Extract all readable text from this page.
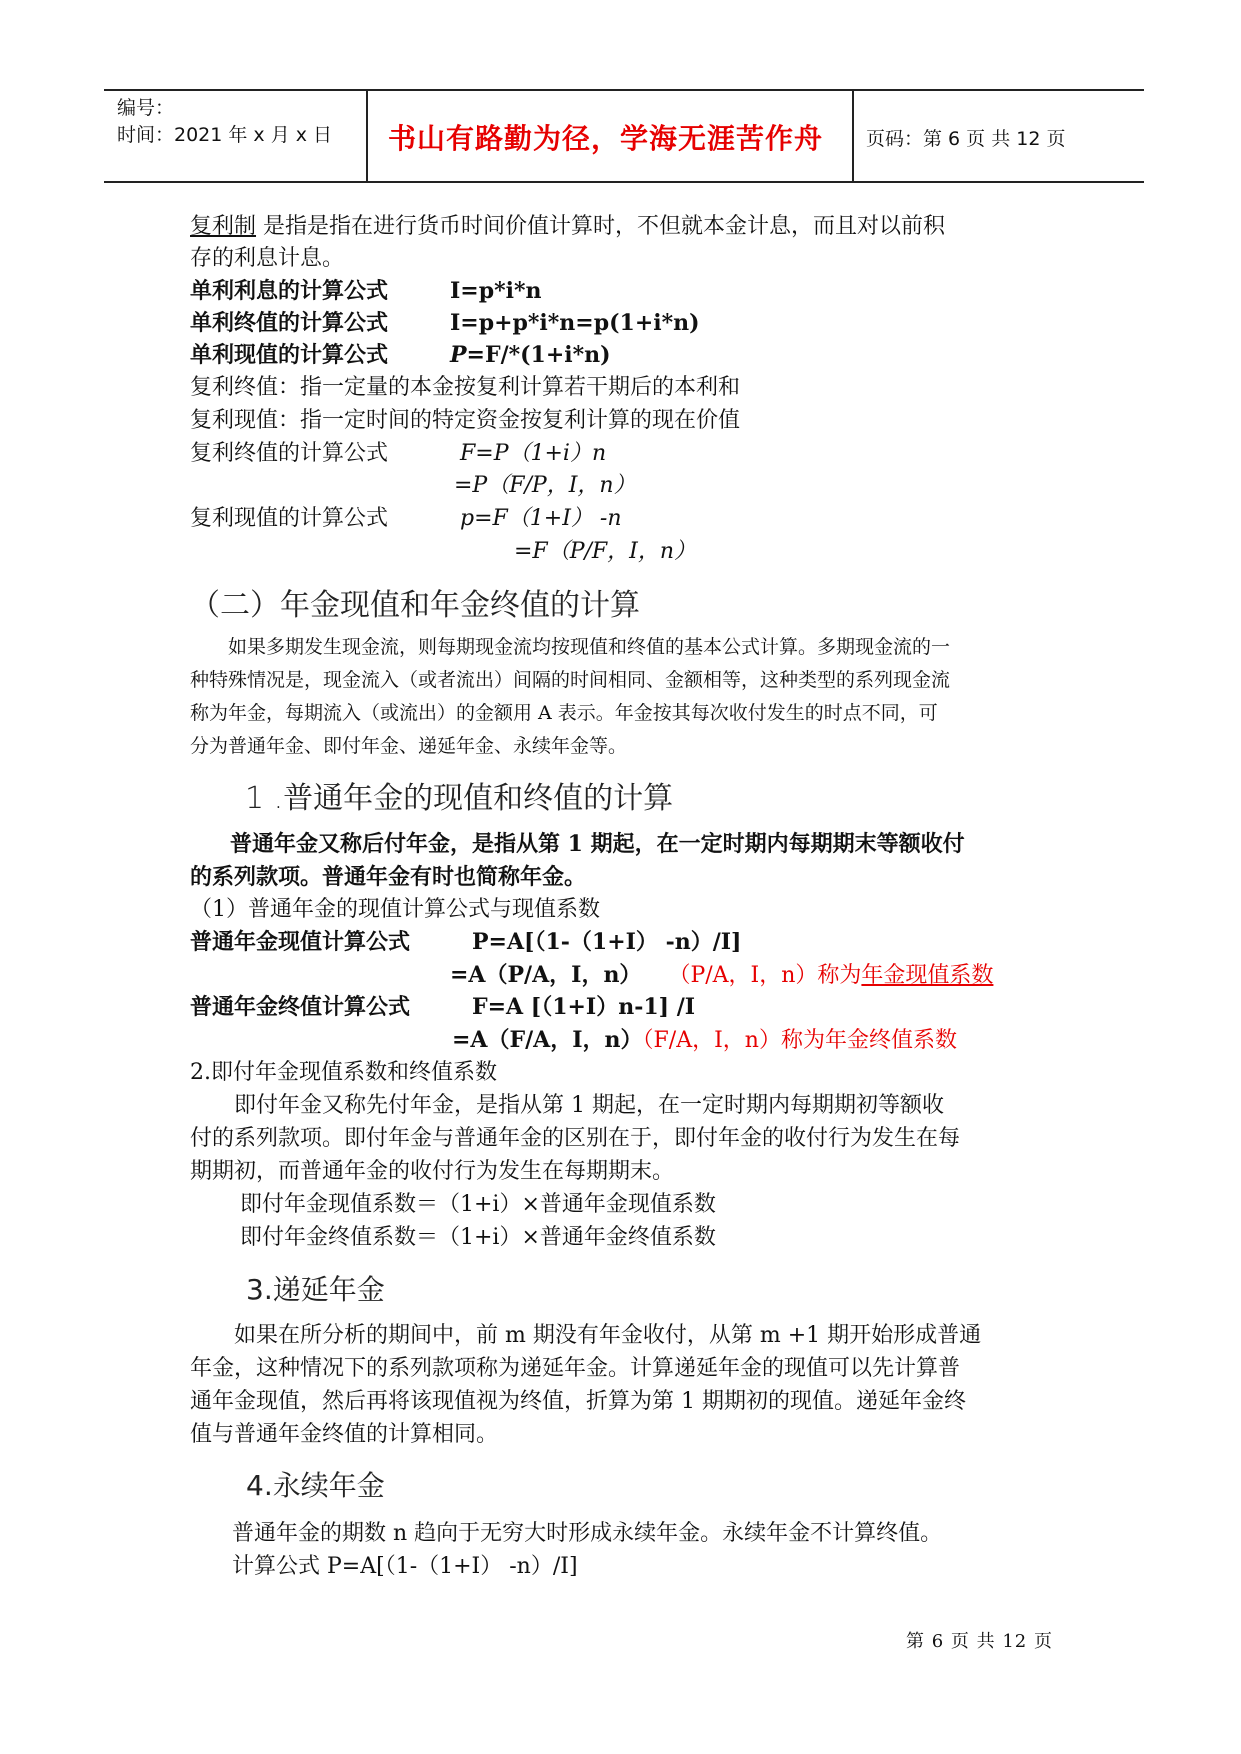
编号：
时间：2021 年 x 月 x 日 书山有路勤为径，学海无涯苦作舟 页码：第 6 页 共 12 页
复利制 是指是指在进行货币时间价值计算时，不但就本金计息，而且对以前积
存的利息计息。
单利利息的计算公式	I=p*i*n
单利终值的计算公式	I=p+p*i*n=p(1+i*n)
单利现值的计算公式	P=F/*(1+i*n)
复利终值：指一定量的本金按复利计算若干期后的本利和
复利现值：指一定时间的特定资金按复利计算的现在价值
复利终值的计算公式	F=P（1+i）n
=P（F/P，I，n）
复利现值的计算公式	p=F（1+I） -n
=F（P/F，I，n）
（二）年金现值和年金终值的计算

如果多期发生现金流，则每期现金流均按现值和终值的基本公式计算。多期现金流的一

种特殊情况是，现金流入（或者流出）间隔的时间相同、金额相等，这种类型的系列现金流

称为年金，每期流入（或流出）的金额用 A 表示。年金按其每次收付发生的时点不同，可

分为普通年金、即付年金、递延年金、永续年金等。

1 .普通年金的现值和终值的计算
普通年金又称后付年金，是指从第 1 期起，在一定时期内每期期末等额收付
的系列款项。普通年金有时也简称年金。
（1）普通年金的现值计算公式与现值系数
普通年金现值计算公式	P=A[（1-（1+I） -n）/I]
=A（P/A，I，n） （P/A，I，n）称为年金现值系数
普通年金终值计算公式	F=A [（1+I）n-1] /I
=A（F/A，I，n）（F/A，I，n）称为年金终值系数
2.即付年金现值系数和终值系数

即付年金又称先付年金，是指从第 1 期起，在一定时期内每期期初等额收

付的系列款项。即付年金与普通年金的区别在于，即付年金的收付行为发生在每

期期初，而普通年金的收付行为发生在每期期末。

即付年金现值系数＝（1+i）×普通年金现值系数
即付年金终值系数＝（1+i）×普通年金终值系数
3.递延年金

如果在所分析的期间中，前 m 期没有年金收付，从第 m +1 期开始形成普通

年金，这种情况下的系列款项称为递延年金。计算递延年金的现值可以先计算普

通年金现值，然后再将该现值视为终值，折算为第 1 期期初的现值。递延年金终

值与普通年金终值的计算相同。

4.永续年金
普通年金的期数 n 趋向于无穷大时形成永续年金。永续年金不计算终值。
计算公式 P=A[（1-（1+I） -n）/I]
第 6 页 共 12 页
